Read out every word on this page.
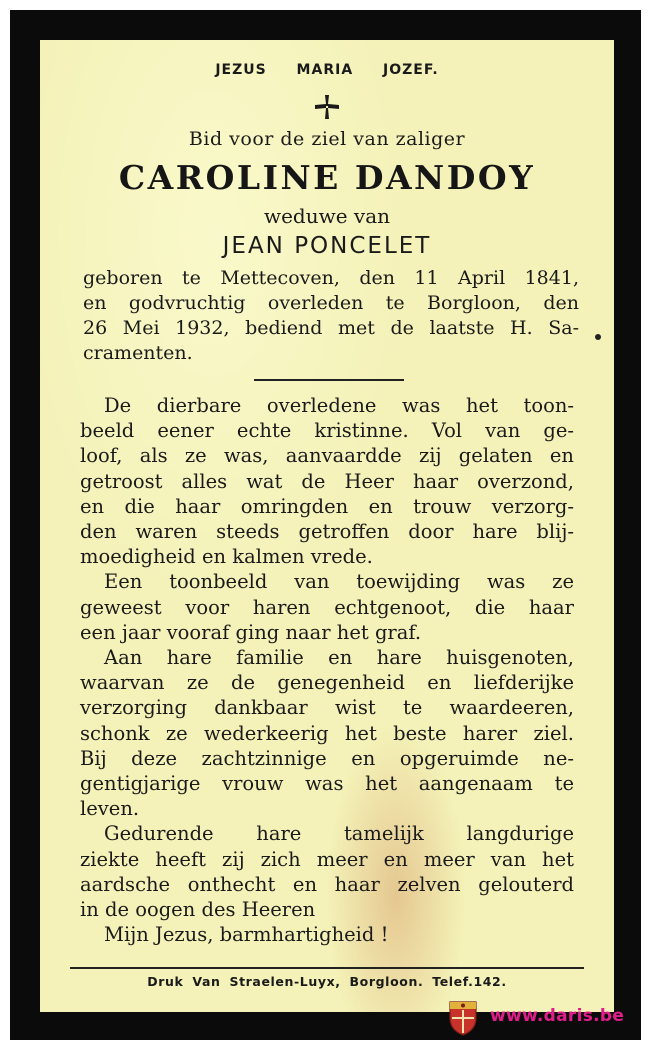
JEZUS MARIA JOZEF.
Bid voor de ziel van zaliger
CAROLINE DANDOY
weduwe van
JEAN PONCELET
geboren te Mettecoven, den 11 April 1841,
en godvruchtig overleden te Borgloon, den
26 Mei 1932, bediend met de laatste H. Sa-
cramenten.
De dierbare overledene was het toon-
beeld eener echte kristinne. Vol van ge-
loof, als ze was, aanvaardde zij gelaten en
getroost alles wat de Heer haar overzond,
en die haar omringden en trouw verzorg-
den waren steeds getroffen door hare blij-
moedigheid en kalmen vrede.
Een toonbeeld van toewijding was ze
geweest voor haren echtgenoot, die haar
een jaar vooraf ging naar het graf.
Aan hare familie en hare huisgenoten,
waarvan ze de genegenheid en liefderijke
verzorging dankbaar wist te waardeeren,
schonk ze wederkeerig het beste harer ziel.
Bij deze zachtzinnige en opgeruimde ne-
gentigjarige vrouw was het aangenaam te
leven.
Gedurende hare tamelijk langdurige
ziekte heeft zij zich meer en meer van het
aardsche onthecht en haar zelven gelouterd
in de oogen des Heeren
Mijn Jezus, barmhartigheid !
Druk Van Straelen-Luyx, Borgloon. Telef.142.
www.daris.be
